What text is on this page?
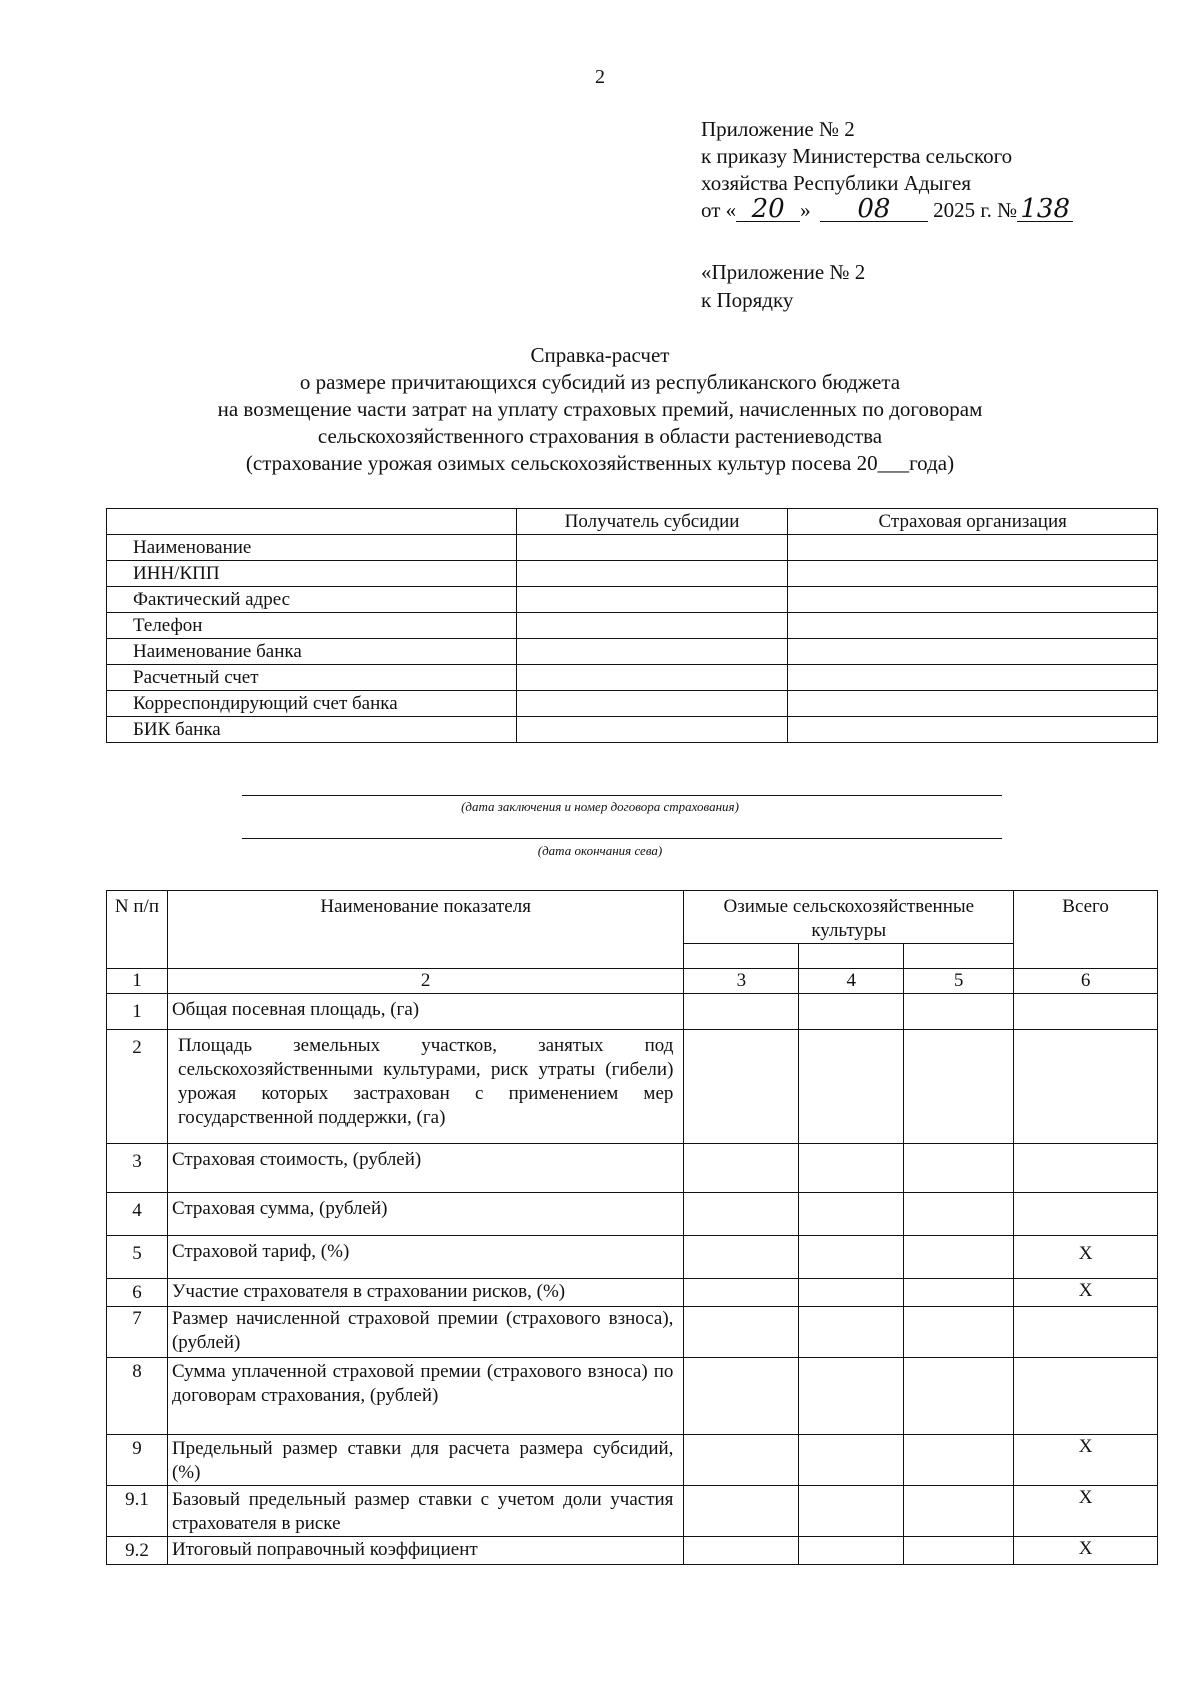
2
Приложение № 2
к приказу Министерства сельского
хозяйства Республики Адыгея
от « 20 » 08 2025 г. № 138
«Приложение № 2
к Порядку
Справка-расчет
о размере причитающихся субсидий из республиканского бюджета
на возмещение части затрат на уплату страховых премий, начисленных по договорам
сельскохозяйственного страхования в области растениеводства
(страхование урожая озимых сельскохозяйственных культур посева 20___года)
	Получатель субсидии	Страховая организация
Наименование		
ИНН/КПП		
Фактический адрес		
Телефон		
Наименование банка		
Расчетный счет		
Корреспондирующий счет банка		
БИК банка		
(дата заключения и номер договора страхования)
(дата окончания сева)
N п/п	Наименование показателя	Озимые сельскохозяйственные культуры			Всего

1	2	3	4	5	6
1	Общая посевная площадь, (га)				
2	Площадь земельных участков, занятых под сельскохозяйственными культурами, риск утраты (гибели) урожая которых застрахован с применением мер государственной поддержки, (га)				
3	Страховая стоимость, (рублей)				
4	Страховая сумма, (рублей)				
5	Страховой тариф, (%)				X
6	Участие страхователя в страховании рисков, (%)				X
7	Размер начисленной страховой премии (страхового взноса), (рублей)				
8	Сумма уплаченной страховой премии (страхового взноса) по договорам страхования, (рублей)				
9	Предельный размер ставки для расчета размера субсидий, (%)				X
9.1	Базовый предельный размер ставки с учетом доли участия страхователя в риске				X
9.2	Итоговый поправочный коэффициент				X
